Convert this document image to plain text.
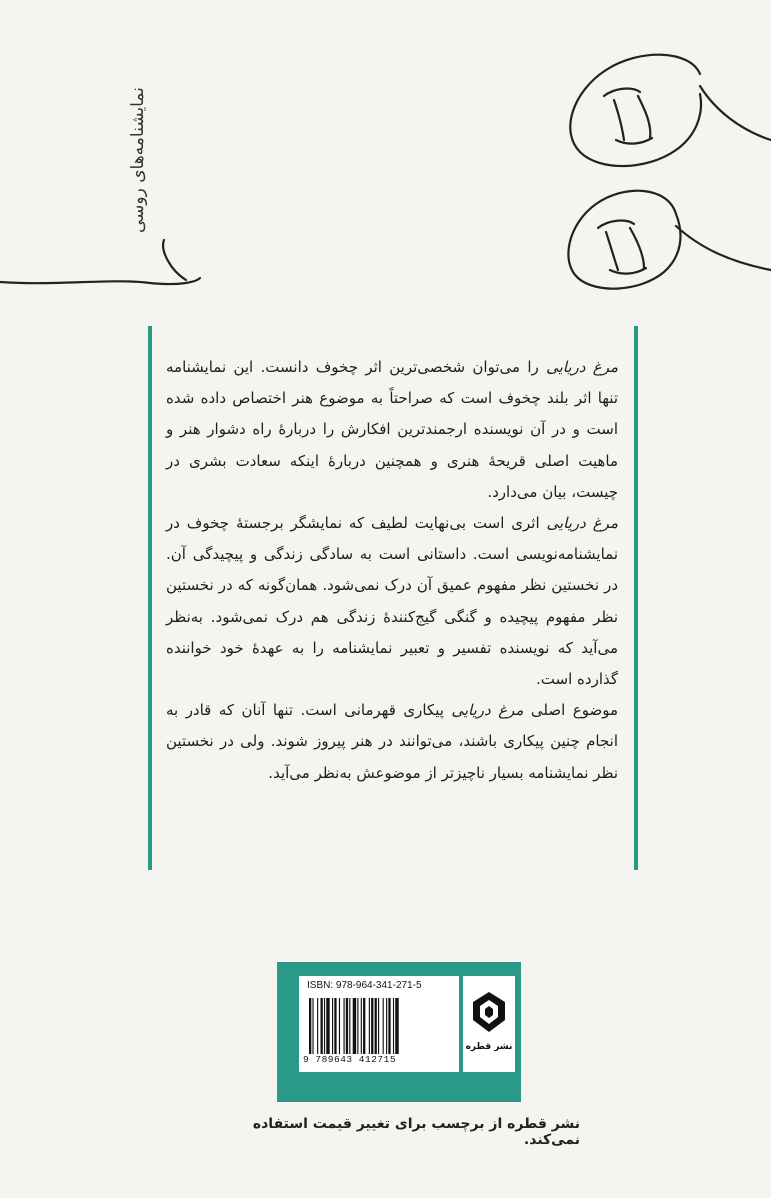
نمایشنامه‌های روسی

مرغ دریایی را می‌توان شخصی‌ترین اثر چخوف دانست. این نمایشنامه تنها اثر بلند چخوف است که صراحتاً به موضوع هنر اختصاص داده شده است و در آن نویسنده ارجمندترین افکارش را دربارهٔ راه دشوار هنر و ماهیت اصلی قریحهٔ هنری و همچنین دربارهٔ اینکه سعادت بشری در چیست، بیان می‌دارد.

مرغ دریایی اثری است بی‌نهایت لطیف که نمایشگر برجستهٔ چخوف در نمایشنامه‌نویسی است. داستانی است به سادگی زندگی و پیچیدگی آن. در نخستین نظر مفهوم عمیق آن درک نمی‌شود. همان‌گونه که در نخستین نظر مفهوم پیچیده و گنگی گیج‌کنندهٔ زندگی هم درک نمی‌شود. به‌نظر می‌آید که نویسنده تفسیر و تعبیر نمایشنامه را به عهدهٔ خود خواننده گذارده است.

موضوع اصلی مرغ دریایی پیکاری قهرمانی است. تنها آنان که قادر به انجام چنین پیکاری باشند، می‌توانند در هنر پیروز شوند. ولی در نخستین نظر نمایشنامه بسیار ناچیزتر از موضوعش به‌نظر می‌آید.

ISBN: 978-964-341-271-5
9 789643 412715
نشر قطره
نشر قطره از برچسب برای تغییر قیمت استفاده نمی‌کند.
